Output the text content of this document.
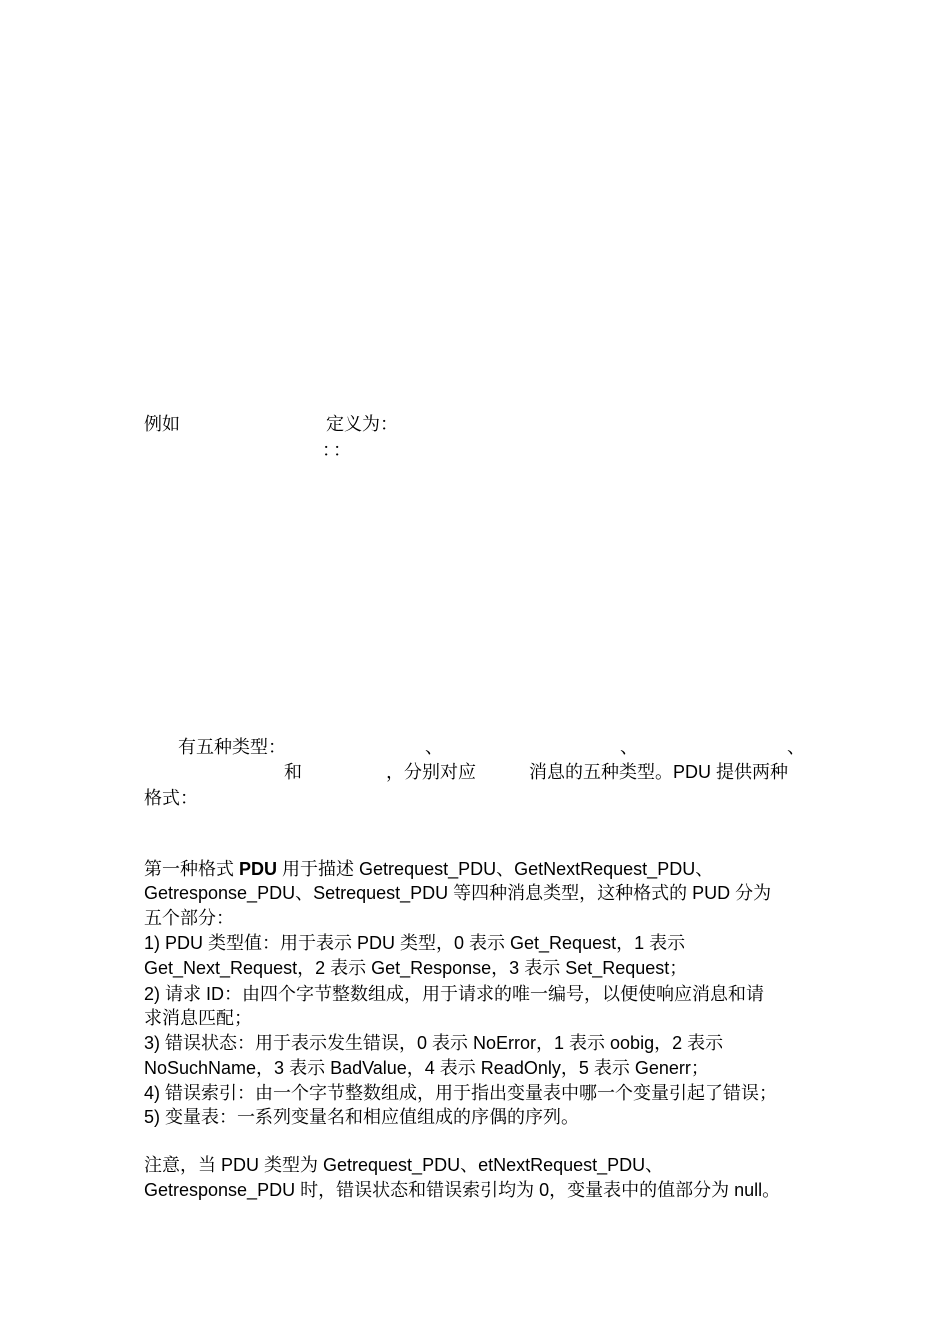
例如	定义为：
：：
有五种类型：	、	、	、
和	，分别对应	消息的五种类型。PDU 提供两种
格式：
第一种格式 PDU 用于描述 Getrequest_PDU、GetNextRequest_PDU、
Getresponse_PDU、Setrequest_PDU 等四种消息类型，这种格式的 PUD 分为
五个部分：
1) PDU 类型值：用于表示 PDU 类型，0 表示 Get_Request，1 表示
Get_Next_Request，2 表示 Get_Response，3 表示 Set_Request；
2) 请求 ID：由四个字节整数组成，用于请求的唯一编号，以便使响应消息和请
求消息匹配；
3) 错误状态：用于表示发生错误，0 表示 NoError，1 表示 oobig，2 表示
NoSuchName，3 表示 BadValue，4 表示 ReadOnly，5 表示 Generr；
4) 错误索引：由一个字节整数组成，用于指出变量表中哪一个变量引起了错误；
5) 变量表：一系列变量名和相应值组成的序偶的序列。
注意，当 PDU 类型为 Getrequest_PDU、etNextRequest_PDU、
Getresponse_PDU 时，错误状态和错误索引均为 0，变量表中的值部分为 null。
